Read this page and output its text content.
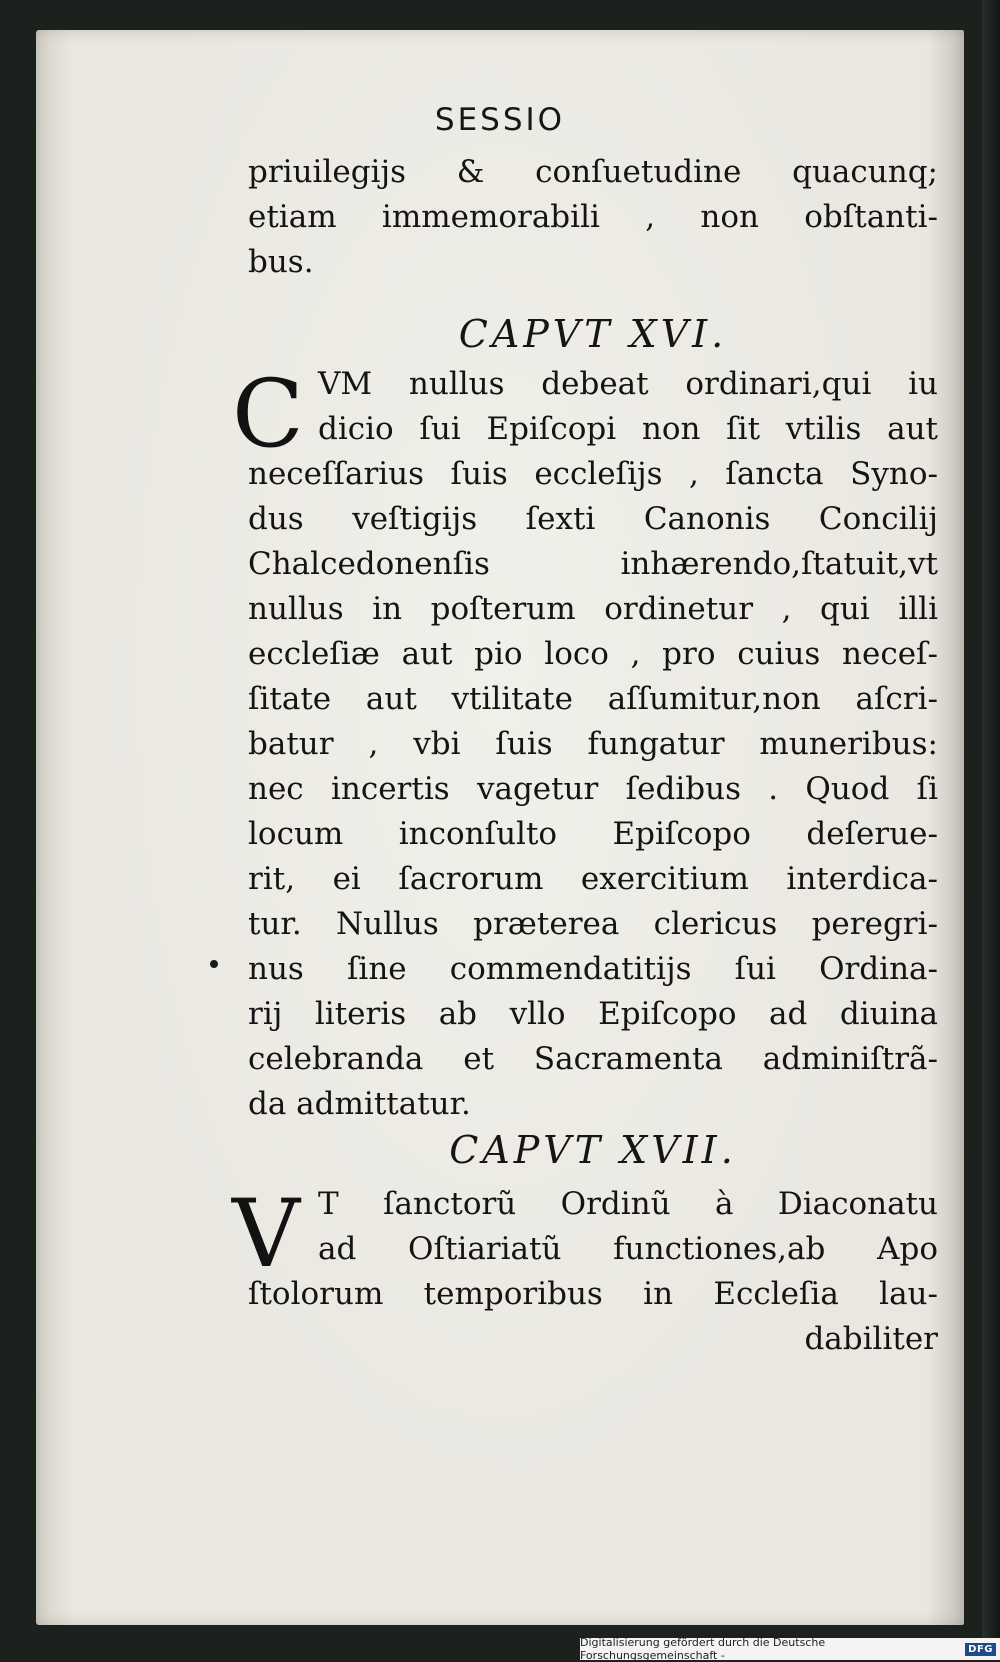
SESSIO
priuilegijs & conſuetudine quacunq;
etiam immemorabili , non obſtanti-
bus.
CAPVT XVI.
C VM nullus debeat ordinari,qui iu
dicio ſui Epiſcopi non ſit vtilis aut
neceſſarius ſuis eccleſijs , ſancta Syno-
dus veſtigijs ſexti Canonis Concilij
Chalcedonenſis inhærendo,ſtatuit,vt
nullus in poſterum ordinetur , qui illi
eccleſiæ aut pio loco , pro cuius neceſ-
ſitate aut vtilitate aſſumitur,non aſcri-
batur , vbi ſuis fungatur muneribus:
nec incertis vagetur ſedibus . Quod ſi
locum inconſulto Epiſcopo deſerue-
rit, ei ſacrorum exercitium interdica-
tur. Nullus præterea clericus peregri-
nus ſine commendatitijs ſui Ordina-
rij literis ab vllo Epiſcopo ad diuina
celebranda et Sacramenta adminiſtrã-
da admittatur.
CAPVT XVII.
V T ſanctorũ Ordinũ à Diaconatu
ad Oſtiariatũ functiones,ab Apo
ſtolorum temporibus in Eccleſia lau-
dabiliter
Digitalisierung gefördert durch die Deutsche Forschungsgemeinschaft -	DFG
